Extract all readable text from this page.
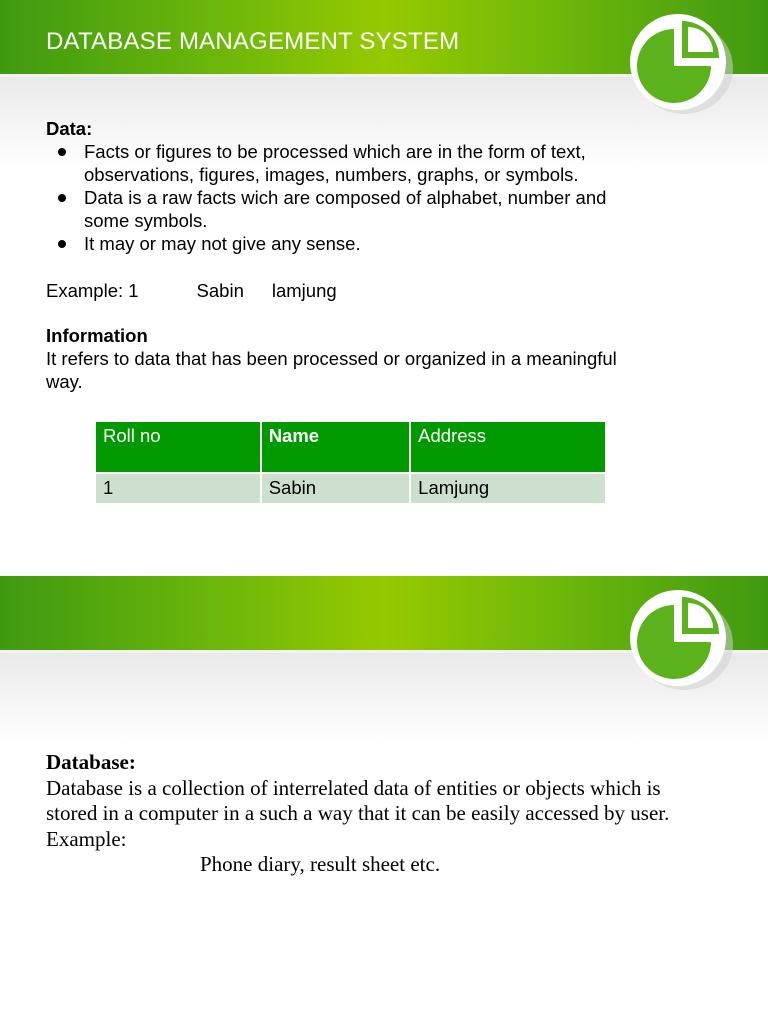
DATABASE MANAGEMENT SYSTEM
Data:
Facts or figures to be processed which are in the form of text, observations, figures, images, numbers, graphs, or symbols.
Data is a raw facts wich are composed of alphabet, number and some symbols.
It may or may not give any sense.
Example: 1	Sabin lamjung
Information
It refers to data that has been processed or organized in a meaningful way.
Roll no	Name	Address
1	Sabin	Lamjung
Database:
Database is a collection of interrelated data of entities or objects which is stored in a computer in a such a way that it can be easily accessed by user.
Example:
Phone diary, result sheet etc.
